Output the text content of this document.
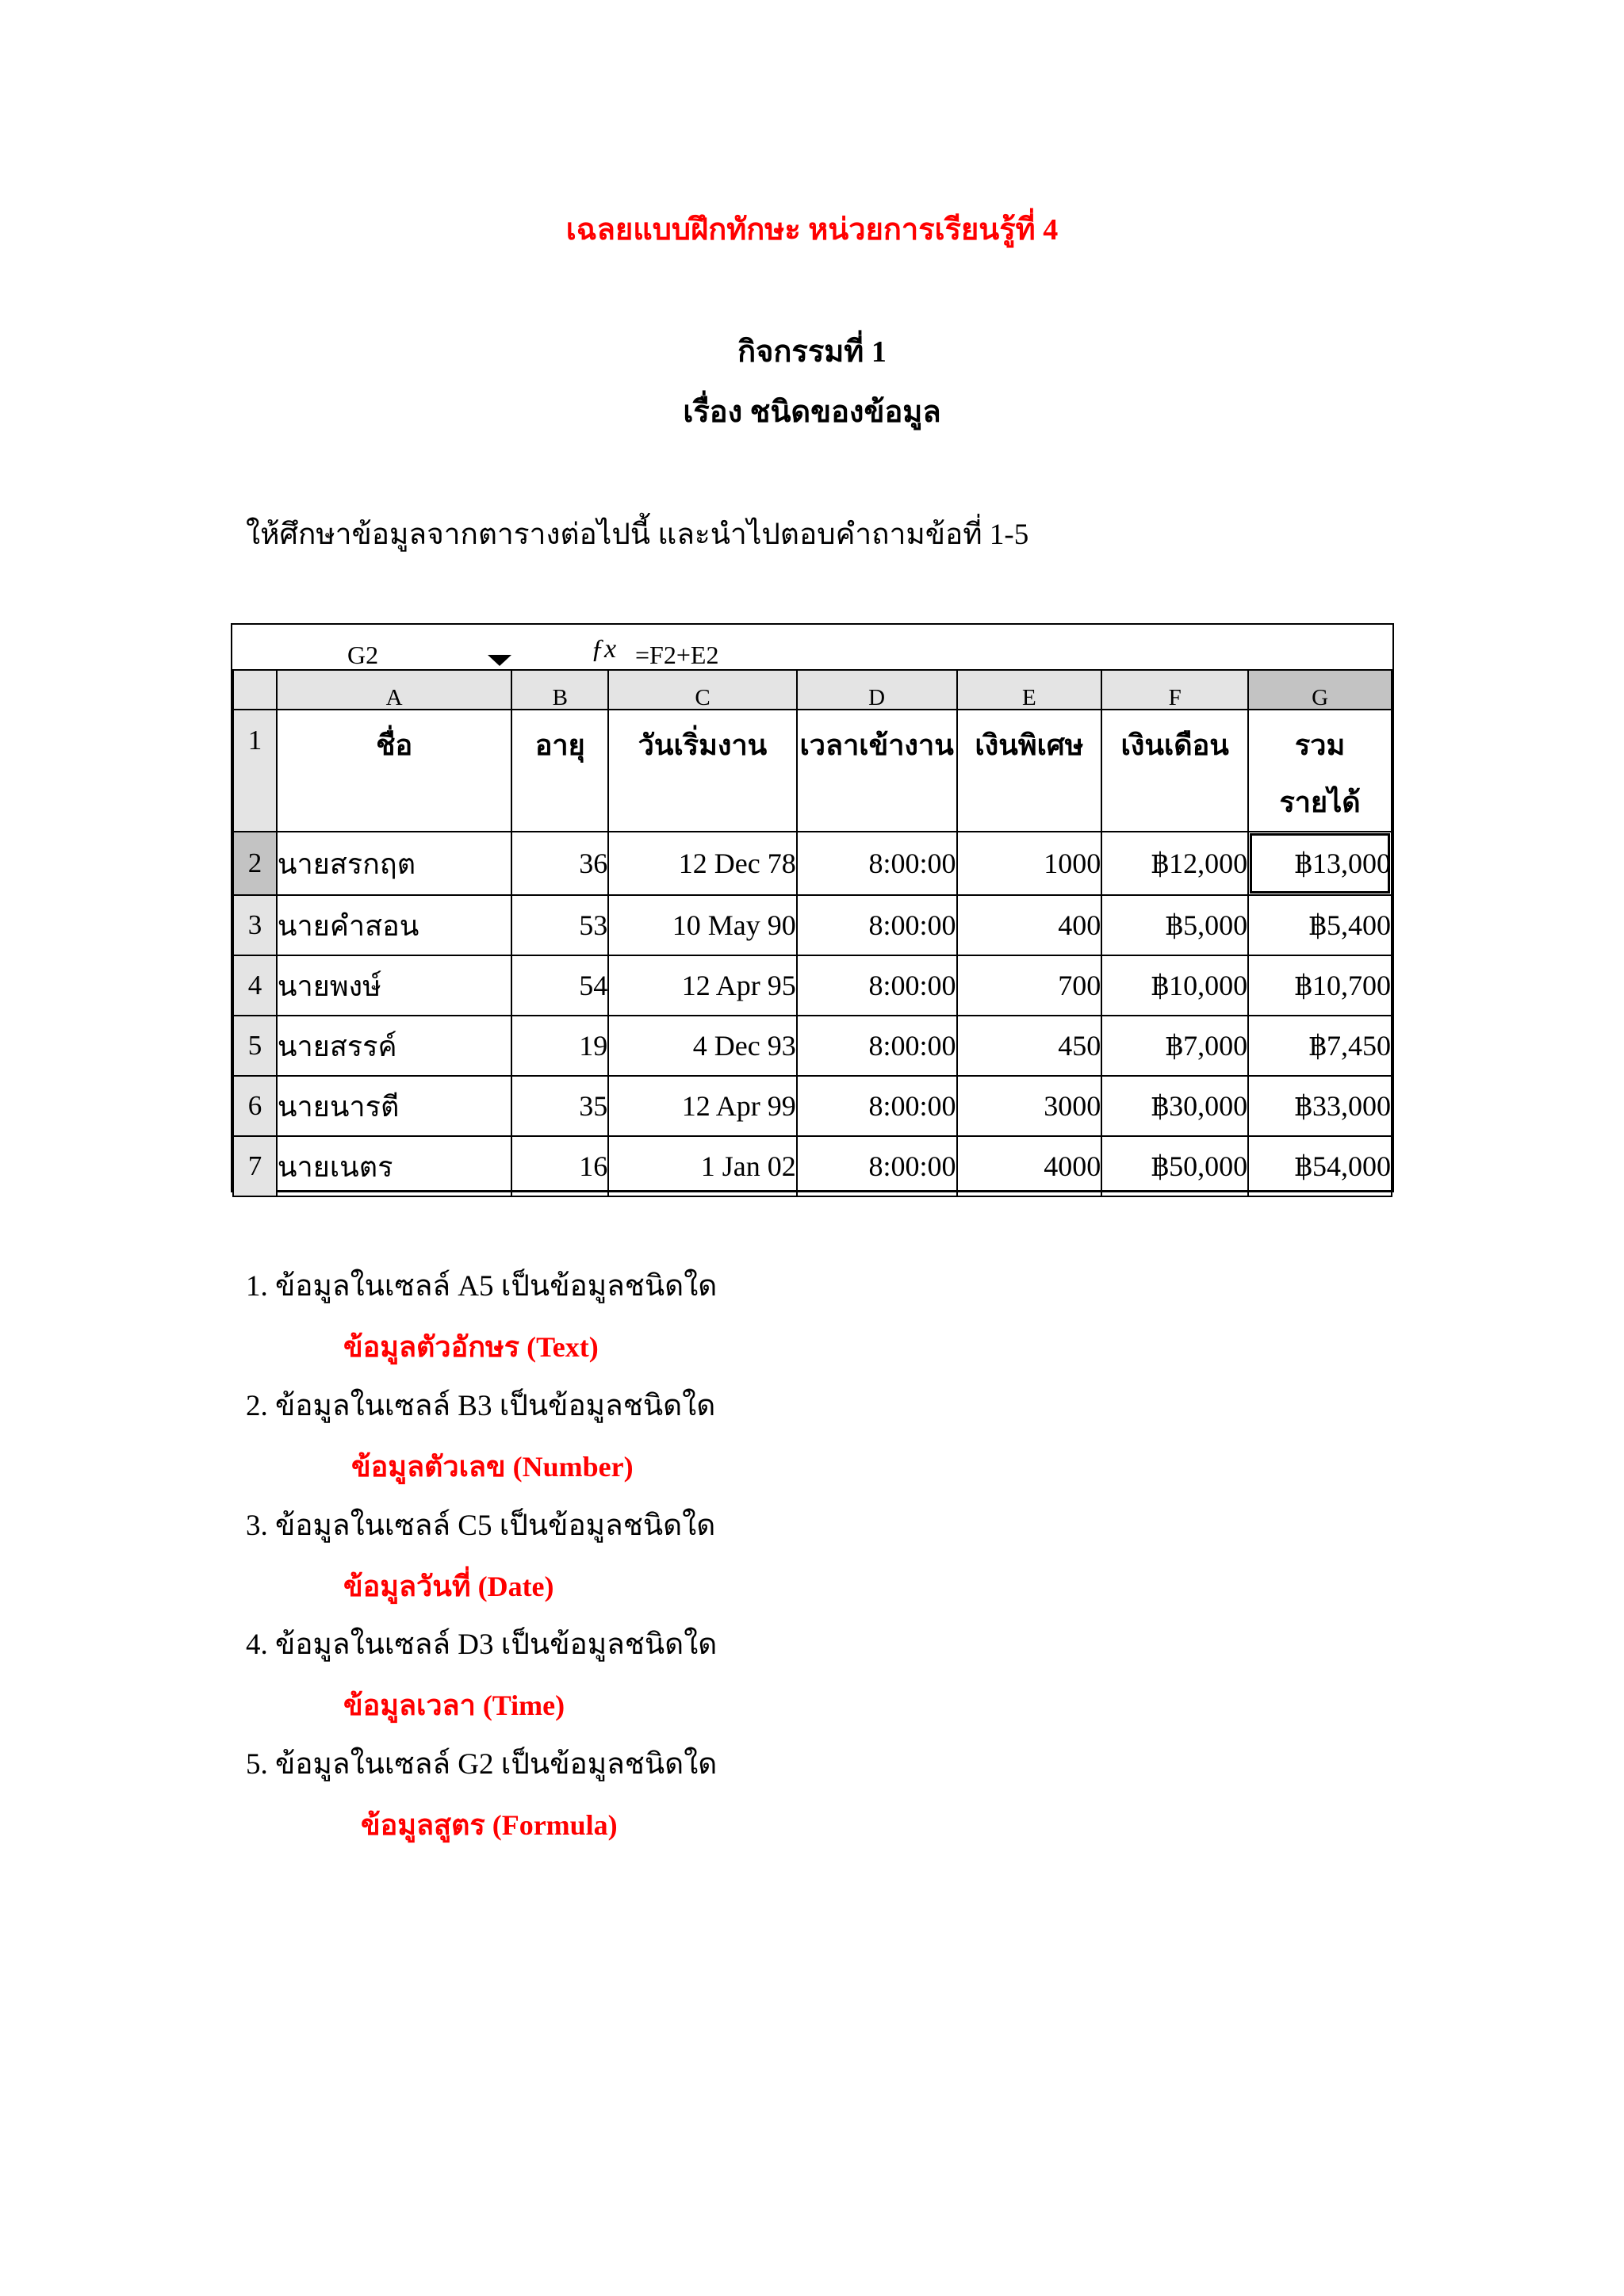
เฉลยแบบฝึกทักษะ หน่วยการเรียนรู้ที่ 4
กิจกรรมที่ 1
เรื่อง ชนิดของข้อมูล
ให้ศึกษาข้อมูลจากตารางต่อไปนี้ และนำไปตอบคำถามข้อที่ 1-5
G2	ƒx =F2+E2
	A	B	C	D	E	F	G
1	ชื่อ	อายุ	วันเริ่มงาน	เวลาเข้างาน	เงินพิเศษ	เงินเดือน	รวม
รายได้
2	นายสรกฤต	36	12 Dec 78	8:00:00	1000	฿12,000	฿13,000
3	นายคำสอน	53	10 May 90	8:00:00	400	฿5,000	฿5,400
4	นายพงษ์	54	12 Apr 95	8:00:00	700	฿10,000	฿10,700
5	นายสรรค์	19	4 Dec 93	8:00:00	450	฿7,000	฿7,450
6	นายนารตี	35	12 Apr 99	8:00:00	3000	฿30,000	฿33,000
7	นายเนตร	16	1 Jan 02	8:00:00	4000	฿50,000	฿54,000
1. ข้อมูลในเซลล์ A5 เป็นข้อมูลชนิดใด
ข้อมูลตัวอักษร (Text)
2. ข้อมูลในเซลล์ B3 เป็นข้อมูลชนิดใด
ข้อมูลตัวเลข (Number)
3. ข้อมูลในเซลล์ C5 เป็นข้อมูลชนิดใด
ข้อมูลวันที่ (Date)
4. ข้อมูลในเซลล์ D3 เป็นข้อมูลชนิดใด
ข้อมูลเวลา (Time)
5. ข้อมูลในเซลล์ G2 เป็นข้อมูลชนิดใด
ข้อมูลสูตร (Formula)
